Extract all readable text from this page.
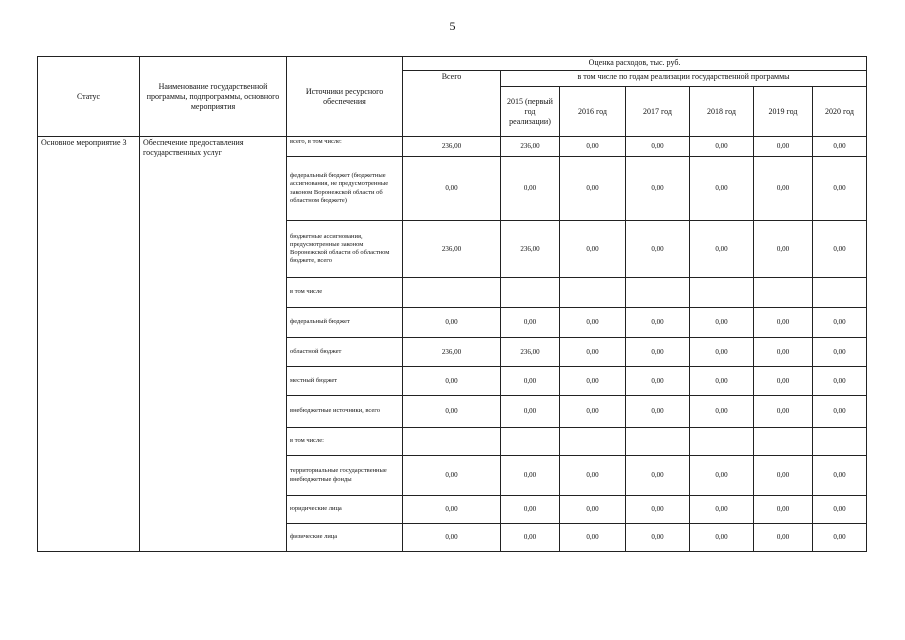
5
Статус	Наименование государственной программы, подпрограммы, основного мероприятия	Источники ресурсного обеспечения	Оценка расходов, тыс. руб.						
			Всего	в том числе по годам реализации государственной программы					
				2015 (первый год реализации)	2016 год	2017 год	2018 год	2019 год	2020 год
Основное мероприятие 3	Обеспечение предоставления государственных услуг	всего, в том числе:	236,00	236,00	0,00	0,00	0,00	0,00	0,00
		федеральный бюджет (бюджетные ассигнования, не предусмотренные законом Воронежской области об областном бюджете)	0,00	0,00	0,00	0,00	0,00	0,00	0,00
		бюджетные ассигнования, предусмотренные законом Воронежской области об областном бюджете, всего	236,00	236,00	0,00	0,00	0,00	0,00	0,00
		в том числе							
		федеральный бюджет	0,00	0,00	0,00	0,00	0,00	0,00	0,00
		областной бюджет	236,00	236,00	0,00	0,00	0,00	0,00	0,00
		местный бюджет	0,00	0,00	0,00	0,00	0,00	0,00	0,00
		внебюджетные источники, всего	0,00	0,00	0,00	0,00	0,00	0,00	0,00
		в том числе:							
		территориальные государственные внебюджетные фонды	0,00	0,00	0,00	0,00	0,00	0,00	0,00
		юридические лица	0,00	0,00	0,00	0,00	0,00	0,00	0,00
		физические лица	0,00	0,00	0,00	0,00	0,00	0,00	0,00
